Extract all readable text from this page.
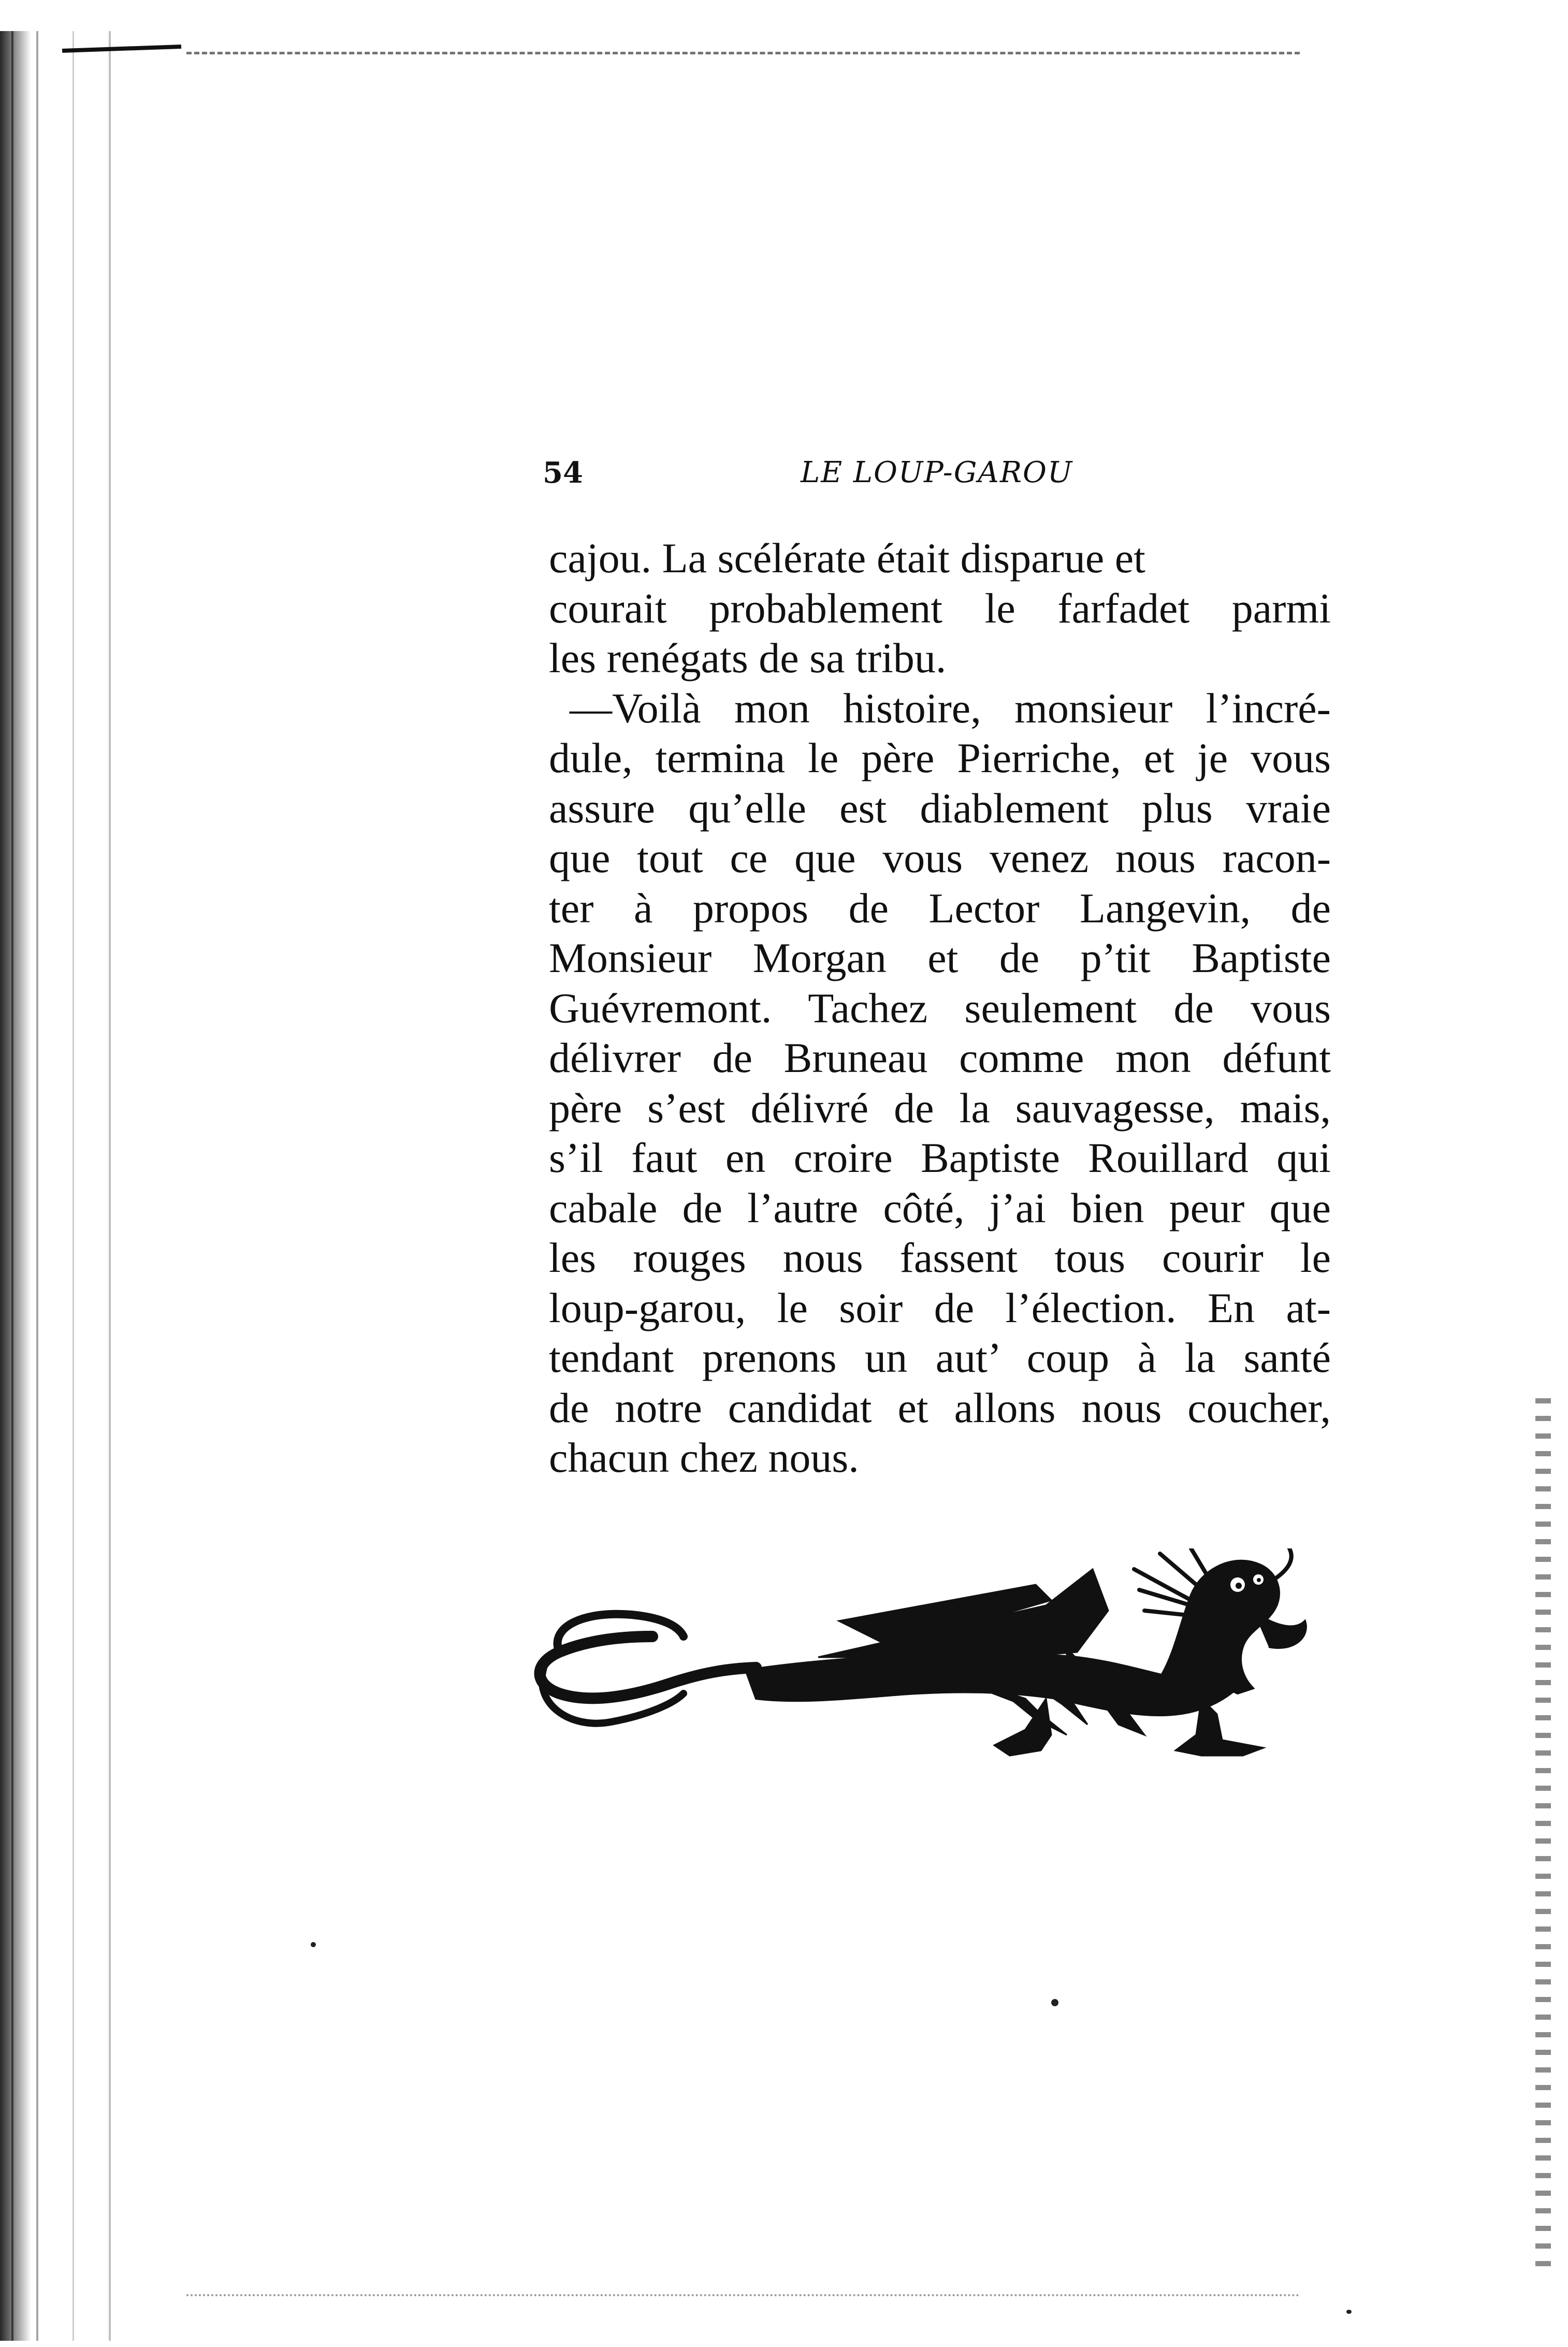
54	LE LOUP-GAROU
cajou. La scélérate était disparue et
courait probablement le farfadet parmi
les renégats de sa tribu.
—Voilà mon histoire, monsieur l’incré-
dule, termina le père Pierriche, et je vous
assure qu’elle est diablement plus vraie
que tout ce que vous venez nous racon-
ter à propos de Lector Langevin, de
Monsieur Morgan et de p’tit Baptiste
Guévremont. Tachez seulement de vous
délivrer de Bruneau comme mon défunt
père s’est délivré de la sauvagesse, mais,
s’il faut en croire Baptiste Rouillard qui
cabale de l’autre côté, j’ai bien peur que
les rouges nous fassent tous courir le
loup-garou, le soir de l’élection. En at-
tendant prenons un aut’ coup à la santé
de notre candidat et allons nous coucher,
chacun chez nous.
